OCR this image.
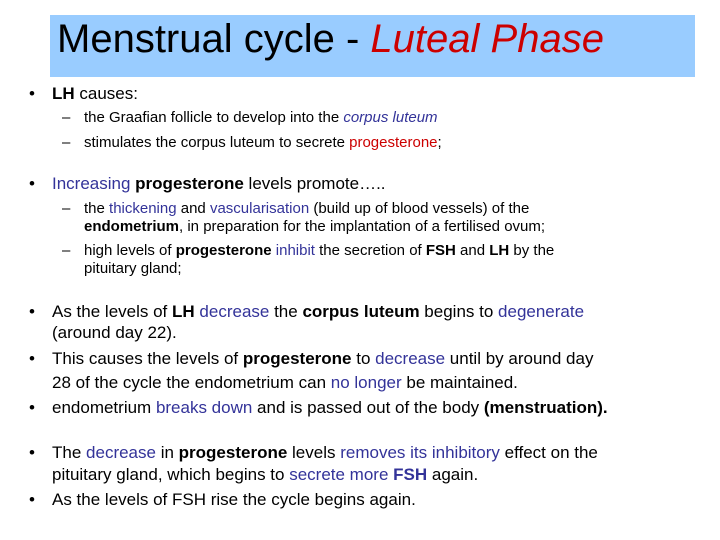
Menstrual cycle - Luteal Phase
• LH causes:
– the Graafian follicle to develop into the corpus luteum
– stimulates the corpus luteum to secrete progesterone;
• Increasing progesterone levels promote…..
– the thickening and vascularisation (build up of blood vessels) of the
endometrium, in preparation for the implantation of a fertilised ovum;
– high levels of progesterone inhibit the secretion of FSH and LH by the
pituitary gland;
• As the levels of LH decrease the corpus luteum begins to degenerate
(around day 22).
• This causes the levels of progesterone to decrease until by around day
28 of the cycle the endometrium can no longer be maintained.
• endometrium breaks down and is passed out of the body (menstruation).
• The decrease in progesterone levels removes its inhibitory effect on the
pituitary gland, which begins to secrete more FSH again.
• As the levels of FSH rise the cycle begins again.
